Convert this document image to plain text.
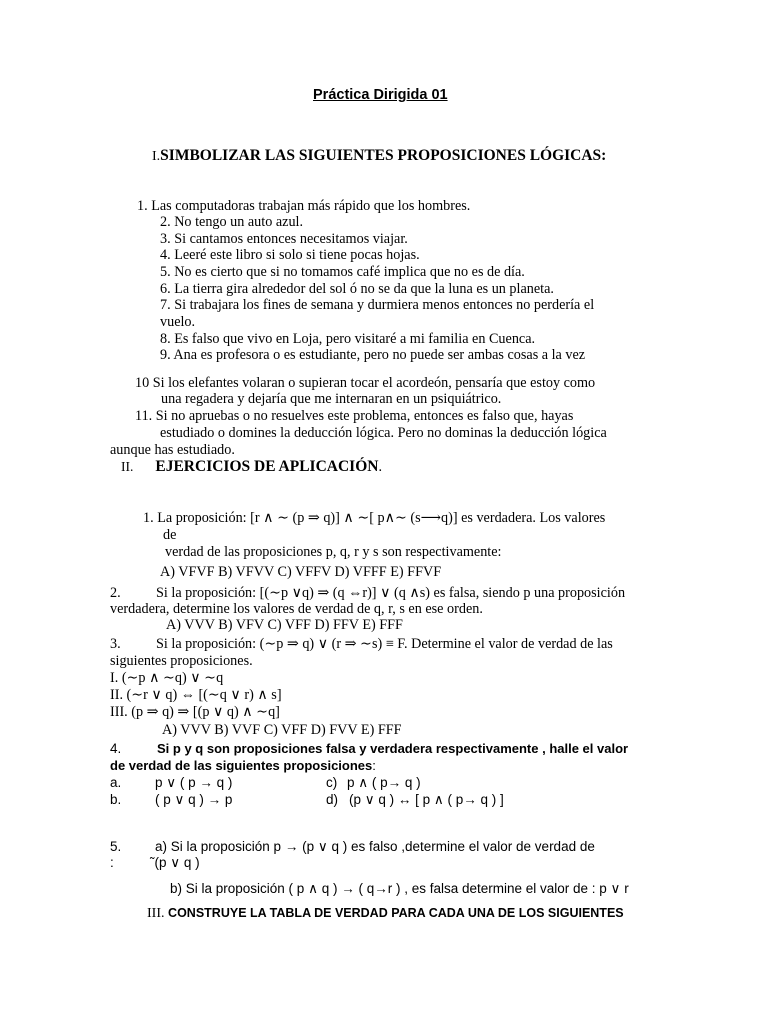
Práctica Dirigida 01
I.SIMBOLIZAR LAS SIGUIENTES PROPOSICIONES LÓGICAS:
1. Las computadoras trabajan más rápido que los hombres.
2. No tengo un auto azul.
3. Si cantamos entonces necesitamos viajar.
4. Leeré este libro si solo si tiene pocas hojas.
5. No es cierto que si no tomamos café implica que no es de día.
6. La tierra gira alrededor del sol ó no se da que la luna es un planeta.
7. Si trabajara los fines de semana y durmiera menos entonces no perdería el
vuelo.
8. Es falso que vivo en Loja, pero visitaré a mi familia en Cuenca.
9. Ana es profesora o es estudiante, pero no puede ser ambas cosas a la vez
10 Si los elefantes volaran o supieran tocar el acordeón, pensaría que estoy como
una regadera y dejaría que me internaran en un psiquiátrico.
11. Si no apruebas o no resuelves este problema, entonces es falso que, hayas
estudiado o domines la deducción lógica. Pero no dominas la deducción lógica
aunque has estudiado.
II. EJERCICIOS DE APLICACIÓN.
1. La proposición: [r ∧ ∼ (p ⇒ q)] ∧ ∼[ p∧∼ (s⟶q)] es verdadera. Los valores
de
verdad de las proposiciones p, q, r y s son respectivamente:
A) VFVF B) VFVV C) VFFV D) VFFF E) FFVF
2. Si la proposición: [(∼p ∨q) ⇒ (q ⇔r)] ∨ (q ∧s) es falsa, siendo p una proposición
verdadera, determine los valores de verdad de q, r, s en ese orden.
A) VVV B) VFV C) VFF D) FFV E) FFF
3. Si la proposición: (∼p ⇒ q) ∨ (r ⇒ ∼s) ≡ F. Determine el valor de verdad de las
siguientes proposiciones.
I. (∼p ∧ ∼q) ∨ ∼q
II. (∼r ∨ q) ⇔ [(∼q ∨ r) ∧ s]
III. (p ⇒ q) ⇒ [(p ∨ q) ∧ ∼q]
A) VVV B) VVF C) VFF D) FVV E) FFF
4.	Si p y q son proposiciones falsa y verdadera respectivamente , halle el valor
de verdad de las siguientes proposiciones:
a. p ∨ ( p → q )	c) p ∧ ( p→ q )
b. ( p ∨ q ) → p	d) (p ∨ q ) ↔ [ p ∧ ( p→ q ) ]
5. a) Si la proposición p → (p ∨ q ) es falso ,determine el valor de verdad de
:	˜(p ∨ q )
b) Si la proposición ( p ∧ q ) → ( q→r ) , es falsa determine el valor de : p ∨ r
III. CONSTRUYE LA TABLA DE VERDAD PARA CADA UNA DE LOS SIGUIENTES
